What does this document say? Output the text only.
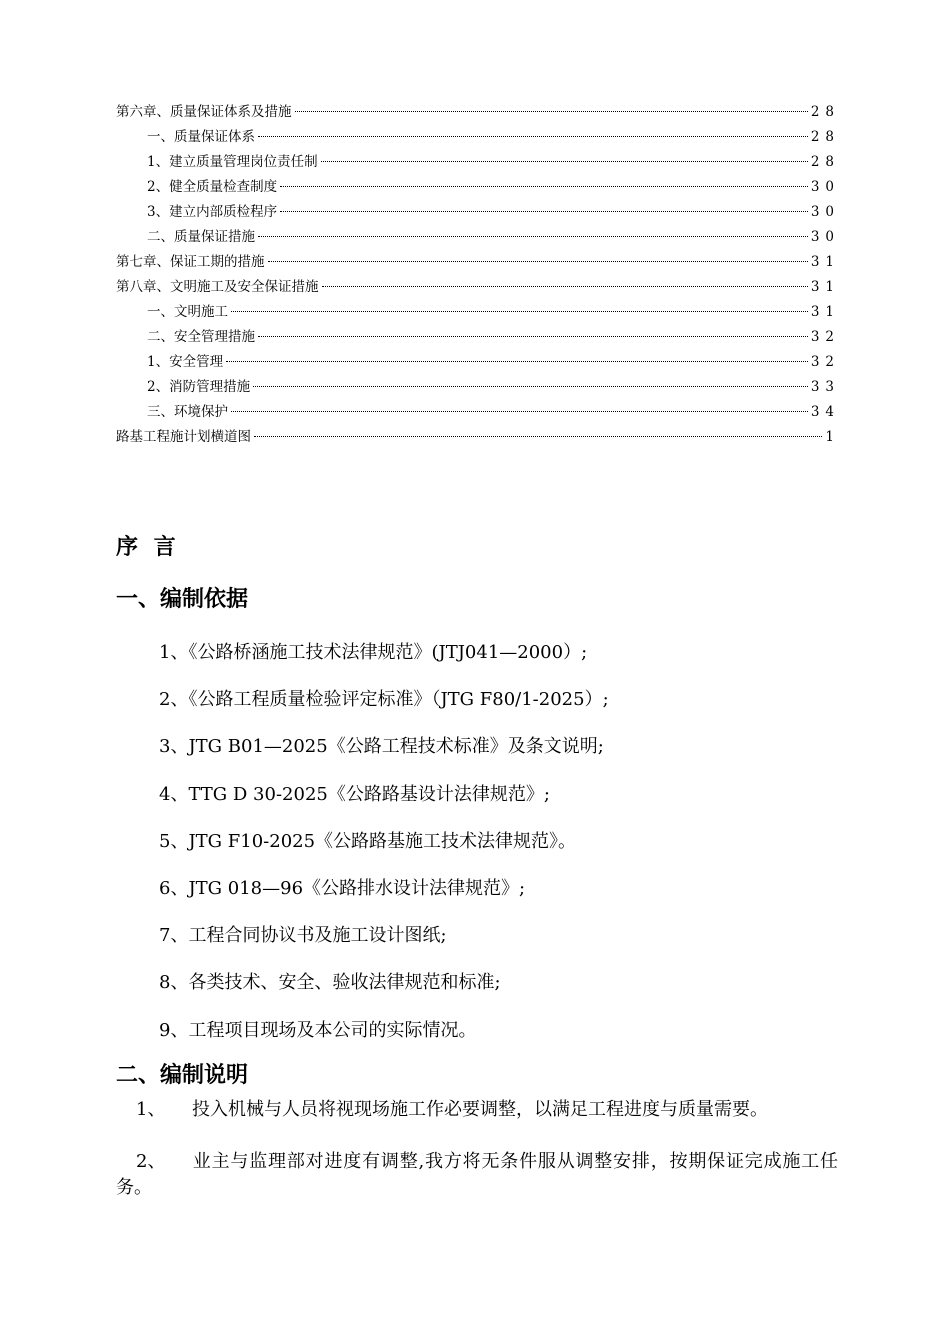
第六章、质量保证体系及措施	28
一、质量保证体系	28
1、建立质量管理岗位责任制	28
2、健全质量检查制度	30
3、建立内部质检程序	30
二、质量保证措施	30
第七章、保证工期的措施	31
第八章、文明施工及安全保证措施	31
一、文明施工	31
二、安全管理措施	32
1、安全管理	32
2、消防管理措施	33
三、环境保护	34
路基工程施计划横道图	1
序 言
一、编制依据
1、《公路桥涵施工技术法律规范》(JTJ041—2000）;
2、《公路工程质量检验评定标准》（JTG F80/1-2025）;
3、JTG B01—2025《公路工程技术标准》及条文说明;
4、TTG D 30-2025《公路路基设计法律规范》;
5、JTG F10-2025《公路路基施工技术法律规范》。
6、JTG 018—96《公路排水设计法律规范》;
7、工程合同协议书及施工设计图纸;
8、各类技术、安全、验收法律规范和标准;
9、工程项目现场及本公司的实际情况。
二、编制说明

1、 投入机械与人员将视现场施工作必要调整，以满足工程进度与质量需要。

2、 业主与监理部对进度有调整,我方将无条件服从调整安排，按期保证完成施工任务。
